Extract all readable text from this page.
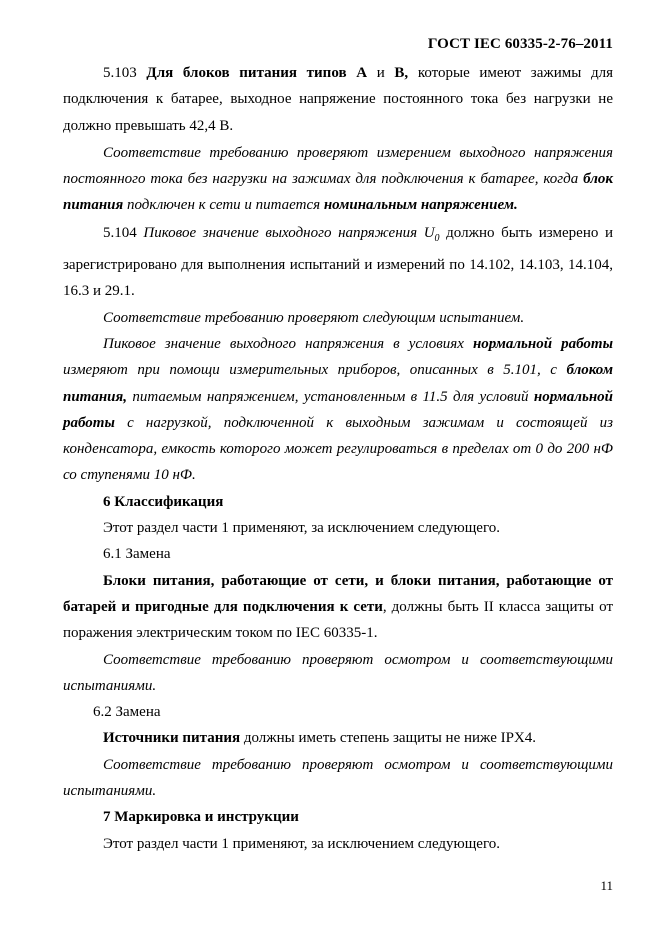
ГОСТ IEC 60335-2-76–2011

5.103 Для блоков питания типов А и В, которые имеют зажимы для подключения к батарее, выходное напряжение постоянного тока без нагрузки не должно превышать 42,4 В.

Соответствие требованию проверяют измерением выходного напряжения постоянного тока без нагрузки на зажимах для подключения к батарее, когда блок питания подключен к сети и питается номинальным напряжением.

5.104 Пиковое значение выходного напряжения $U_0$ должно быть измерено и зарегистрировано для выполнения испытаний и измерений по 14.102, 14.103, 14.104, 16.3 и 29.1.

Соответствие требованию проверяют следующим испытанием.

Пиковое значение выходного напряжения в условиях нормальной работы измеряют при помощи измерительных приборов, описанных в 5.101, с блоком питания, питаемым напряжением, установленным в 11.5 для условий нормальной работы с нагрузкой, подключенной к выходным зажимам и состоящей из конденсатора, емкость которого может регулироваться в пределах от 0 до 200 нФ со ступенями 10 нФ.

6 Классификация

Этот раздел части 1 применяют, за исключением следующего.

6.1 Замена

Блоки питания, работающие от сети, и блоки питания, работающие от батарей и пригодные для подключения к сети, должны быть II класса защиты от поражения электрическим током по IEC 60335-1.

Соответствие требованию проверяют осмотром и соответствующими испытаниями.

6.2 Замена

Источники питания должны иметь степень защиты не ниже IPX4.

Соответствие требованию проверяют осмотром и соответствующими испытаниями.

7 Маркировка и инструкции

Этот раздел части 1 применяют, за исключением следующего.

11
